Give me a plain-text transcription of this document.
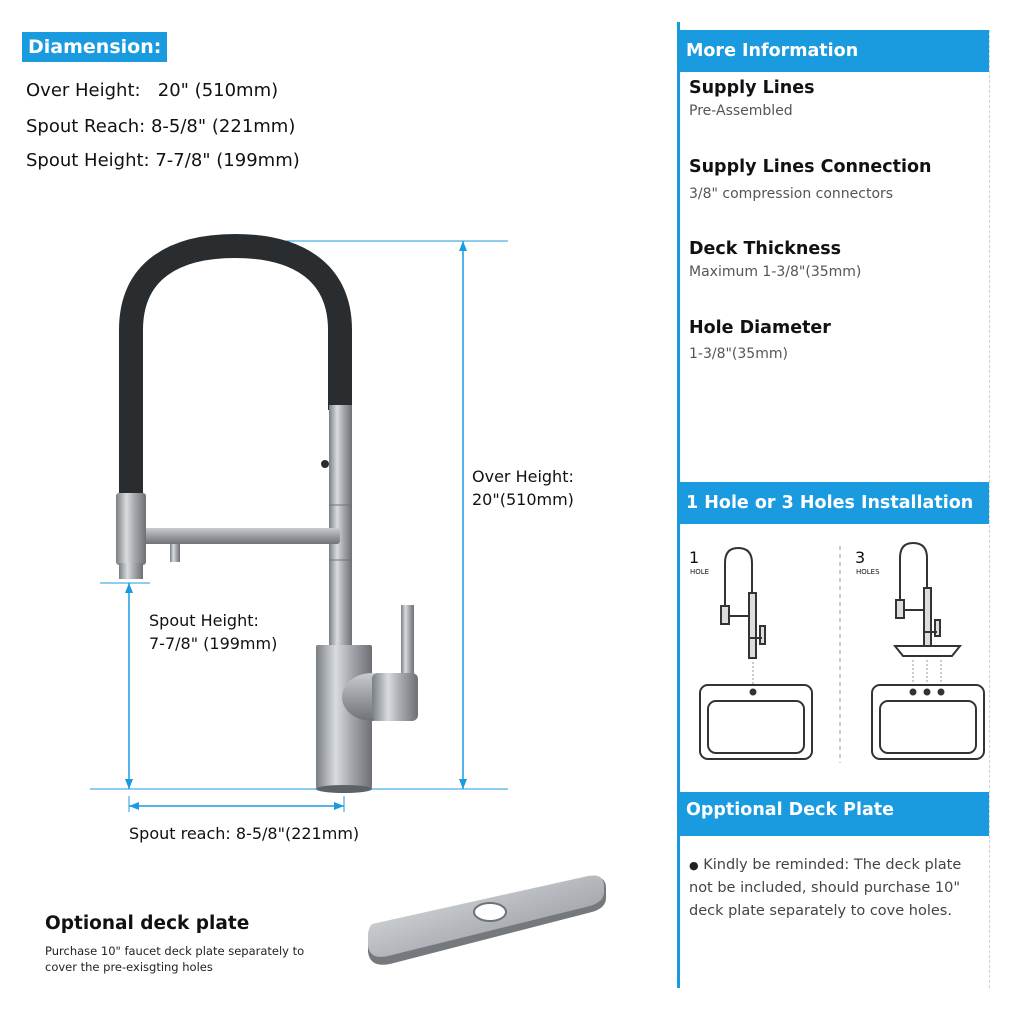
Diamension:
Over Height: 20" (510mm)
Spout Reach: 8-5/8" (221mm)
Spout Height: 7-7/8" (199mm)
Over Height:
20"(510mm)
Spout Height:
7-7/8" (199mm)
Spout reach: 8-5/8"(221mm)
Optional deck plate
Purchase 10" faucet deck plate separately to
cover the pre-exisgting holes
More Information
Supply Lines
Pre-Assembled
Supply Lines Connection
3/8" compression connectors
Deck Thickness
Maximum 1-3/8"(35mm)
Hole Diameter
1-3/8"(35mm)
1 Hole or 3 Holes Installation
1
HOLE
3
HOLES
Opptional Deck Plate
● Kindly be reminded: The deck plate
not be included, should purchase 10"
deck plate separately to cove holes.
